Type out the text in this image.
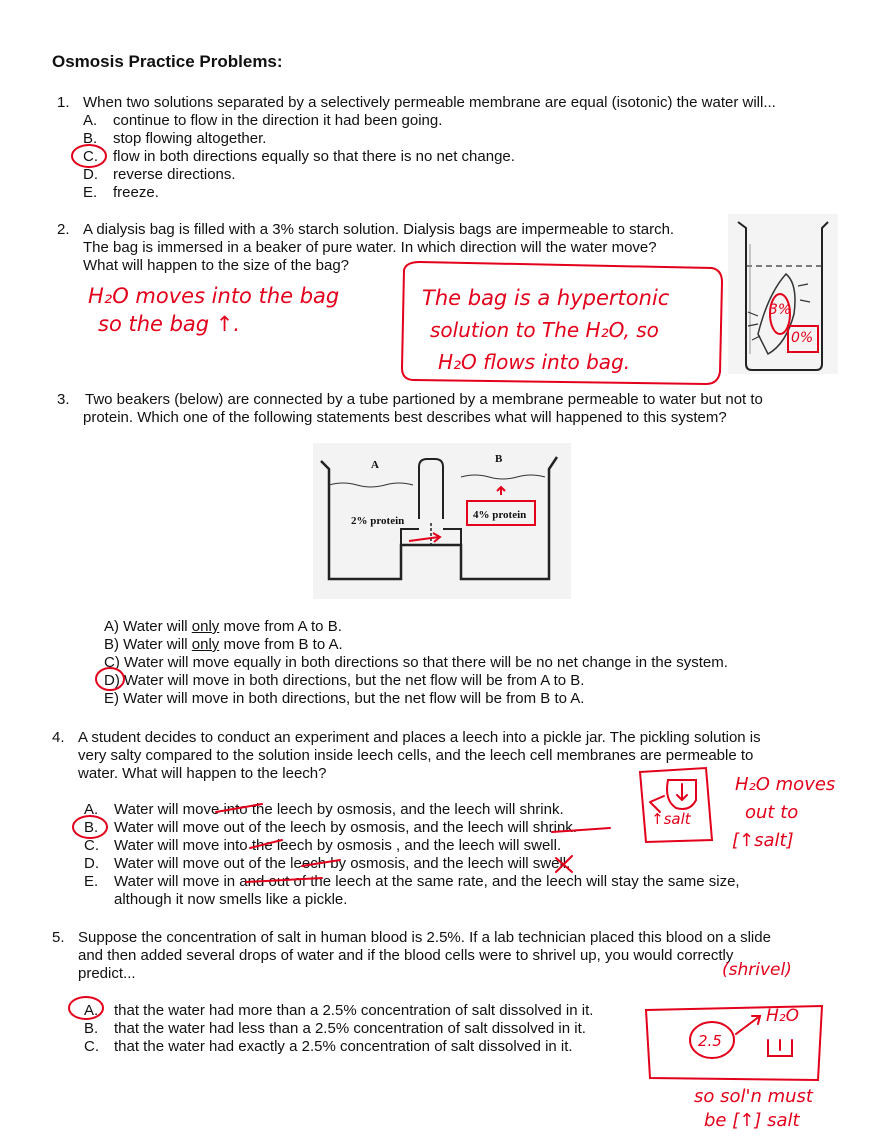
Osmosis Practice Problems:
1. When two solutions separated by a selectively permeable membrane are equal (isotonic) the water will...
A. continue to flow in the direction it had been going.
B. stop flowing altogether.
C. flow in both directions equally so that there is no net change.
D. reverse directions.
E. freeze.
2. A dialysis bag is filled with a 3% starch solution. Dialysis bags are impermeable to starch.
The bag is immersed in a beaker of pure water. In which direction will the water move?
What will happen to the size of the bag?
H₂O moves into the bag
so the bag ↑.
The bag is a hypertonic
solution to The H₂O, so
H₂O flows into bag.
3%
0%
3. Two beakers (below) are connected by a tube partioned by a membrane permeable to water but not to
protein. Which one of the following statements best describes what will happened to this system?
A	B
2% protein	4% protein
A) Water will only move from A to B.
B) Water will only move from B to A.
C) Water will move equally in both directions so that there will be no net change in the system.
D) Water will move in both directions, but the net flow will be from A to B.
E) Water will move in both directions, but the net flow will be from B to A.
4. A student decides to conduct an experiment and places a leech into a pickle jar. The pickling solution is
very salty compared to the solution inside leech cells, and the leech cell membranes are permeable to
water. What will happen to the leech?
A. Water will move into the leech by osmosis, and the leech will shrink.
B. Water will move out of the leech by osmosis, and the leech will shrink.
C. Water will move into the leech by osmosis , and the leech will swell.
D. Water will move out of the leech by osmosis, and the leech will swell.
E. Water will move in and out of the leech at the same rate, and the leech will stay the same size,
although it now smells like a pickle.
↑salt
H₂O moves
out to
[↑salt]
5. Suppose the concentration of salt in human blood is 2.5%. If a lab technician placed this blood on a slide
and then added several drops of water and if the blood cells were to shrivel up, you would correctly
predict...
A. that the water had more than a 2.5% concentration of salt dissolved in it.
B. that the water had less than a 2.5% concentration of salt dissolved in it.
C. that the water had exactly a 2.5% concentration of salt dissolved in it.
(shrivel)
H₂O
2.5
so sol'n must
be [↑] salt
